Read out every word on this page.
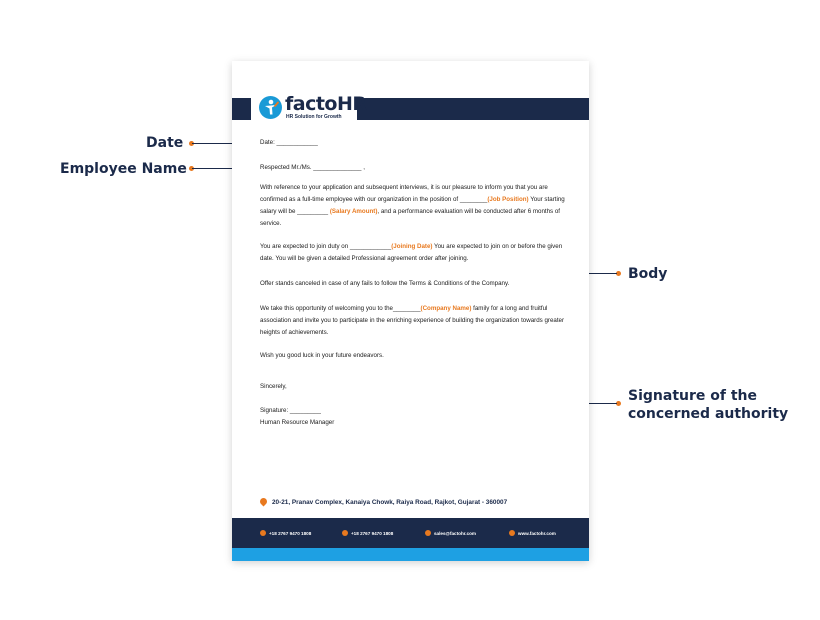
Date
Employee Name
Body
Signature of the
concerned authority
factoHR
HR Solution for Growth
Date: ____________
Respected Mr./Ms. ______________ ,
With reference to your application and subsequent interviews, it is our pleasure to inform you that you are confirmed as a full-time employee with our organization in the position of ________(Job Position) Your starting salary will be _________ (Salary Amount), and a performance evaluation will be conducted after 6 months of service.
You are expected to join duty on ____________(Joining Date) You are expected to join on or before the given date. You will be given a detailed Professional agreement order after joining.
Offer stands canceled in case of any fails to follow the Terms & Conditions of the Company.
We take this opportunity of welcoming you to the________(Company Name) family for a long and fruitful association and invite you to participate in the enriching experience of building the organization towards greater heights of achievements.
Wish you good luck in your future endeavors.
Sincerely,
Signature: _________
Human Resource Manager
20-21, Pranav Complex, Kanaiya Chowk, Raiya Road, Rajkot, Gujarat - 360007
+18 2767 9470 1808	+18 2767 9470 1808	sales@factohr.com	www.factohr.com
